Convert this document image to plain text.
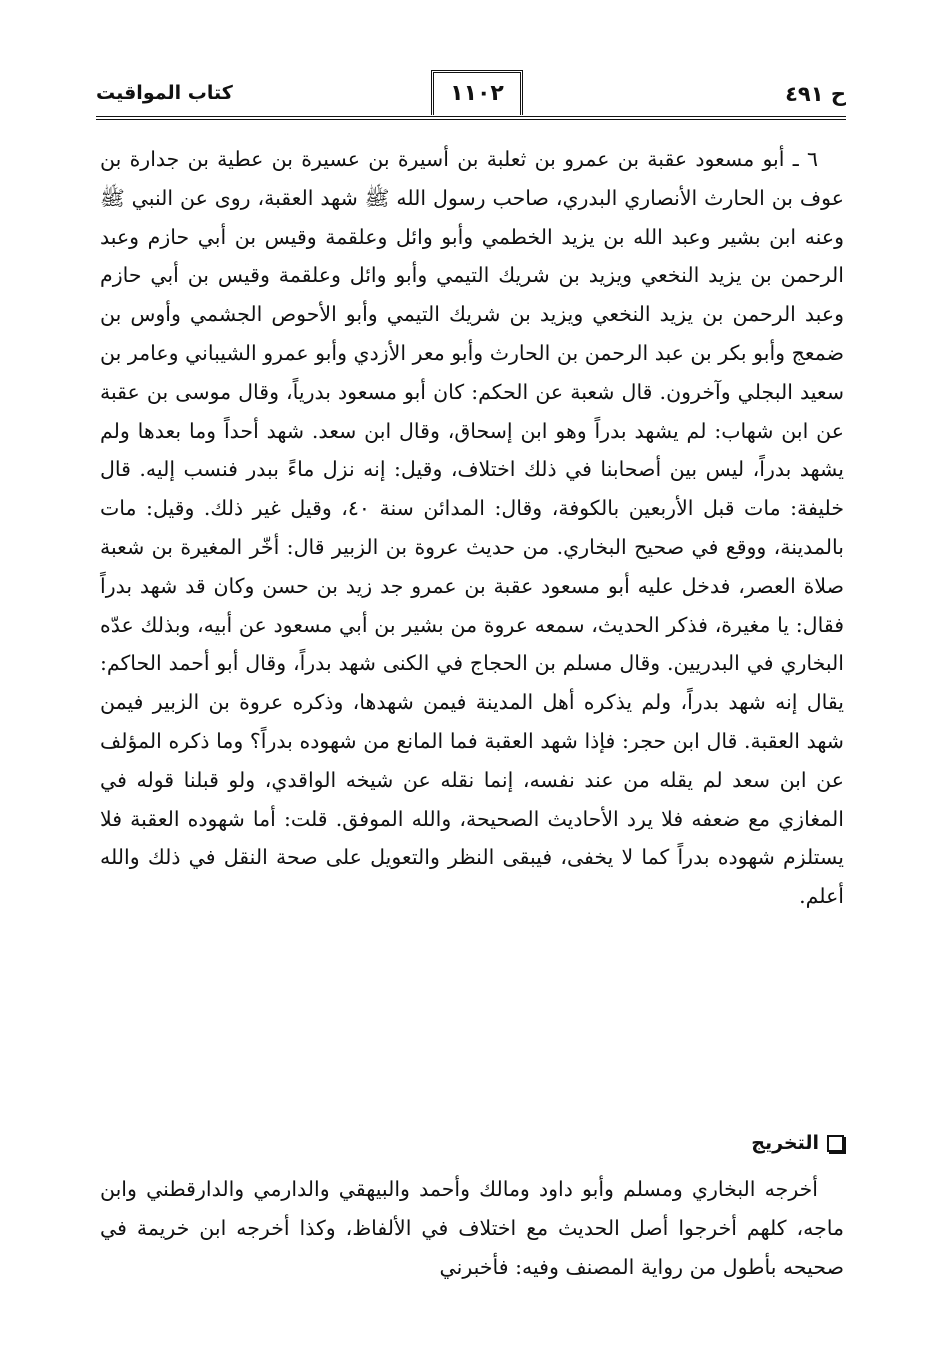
ح ٤٩١
١١٠٢
كتاب المواقيت

٦ ـ أبو مسعود عقبة بن عمرو بن ثعلبة بن أسيرة بن عسيرة بن عطية بن جدارة بن عوف بن الحارث الأنصاري البدري، صاحب رسول الله ﷺ شهد العقبة، روى عن النبي ﷺ وعنه ابن بشير وعبد الله بن يزيد الخطمي وأبو وائل وعلقمة وقيس بن أبي حازم وعبد الرحمن بن يزيد النخعي ويزيد بن شريك التيمي وأبو وائل وعلقمة وقيس بن أبي حازم وعبد الرحمن بن يزيد النخعي ويزيد بن شريك التيمي وأبو الأحوص الجشمي وأوس بن ضمعج وأبو بكر بن عبد الرحمن بن الحارث وأبو معر الأزدي وأبو عمرو الشيباني وعامر بن سعيد البجلي وآخرون. قال شعبة عن الحكم: كان أبو مسعود بدرياً، وقال موسى بن عقبة عن ابن شهاب: لم يشهد بدراً وهو ابن إسحاق، وقال ابن سعد. شهد أحداً وما بعدها ولم يشهد بدراً، ليس بين أصحابنا في ذلك اختلاف، وقيل: إنه نزل ماءً ببدر فنسب إليه. قال خليفة: مات قبل الأربعين بالكوفة، وقال: المدائن سنة ٤٠، وقيل غير ذلك. وقيل: مات بالمدينة، ووقع في صحيح البخاري. من حديث عروة بن الزبير قال: أخّر المغيرة بن شعبة صلاة العصر، فدخل عليه أبو مسعود عقبة بن عمرو جد زيد بن حسن وكان قد شهد بدراً فقال: يا مغيرة، فذكر الحديث، سمعه عروة من بشير بن أبي مسعود عن أبيه، وبذلك عدّه البخاري في البدريين. وقال مسلم بن الحجاج في الكنى شهد بدراً، وقال أبو أحمد الحاكم: يقال إنه شهد بدراً، ولم يذكره أهل المدينة فيمن شهدها، وذكره عروة بن الزبير فيمن شهد العقبة. قال ابن حجر: فإذا شهد العقبة فما المانع من شهوده بدراً؟ وما ذكره المؤلف عن ابن سعد لم يقله من عند نفسه، إنما نقله عن شيخه الواقدي، ولو قبلنا قوله في المغازي مع ضعفه فلا يرد الأحاديث الصحيحة، والله الموفق. قلت: أما شهوده العقبة فلا يستلزم شهوده بدراً كما لا يخفى، فيبقى النظر والتعويل على صحة النقل في ذلك والله أعلم.

التخريج

أخرجه البخاري ومسلم وأبو داود ومالك وأحمد والبيهقي والدارمي والدارقطني وابن ماجه، كلهم أخرجوا أصل الحديث مع اختلاف في الألفاظ، وكذا أخرجه ابن خريمة في صحيحه بأطول من رواية المصنف وفيه: فأخبرني
